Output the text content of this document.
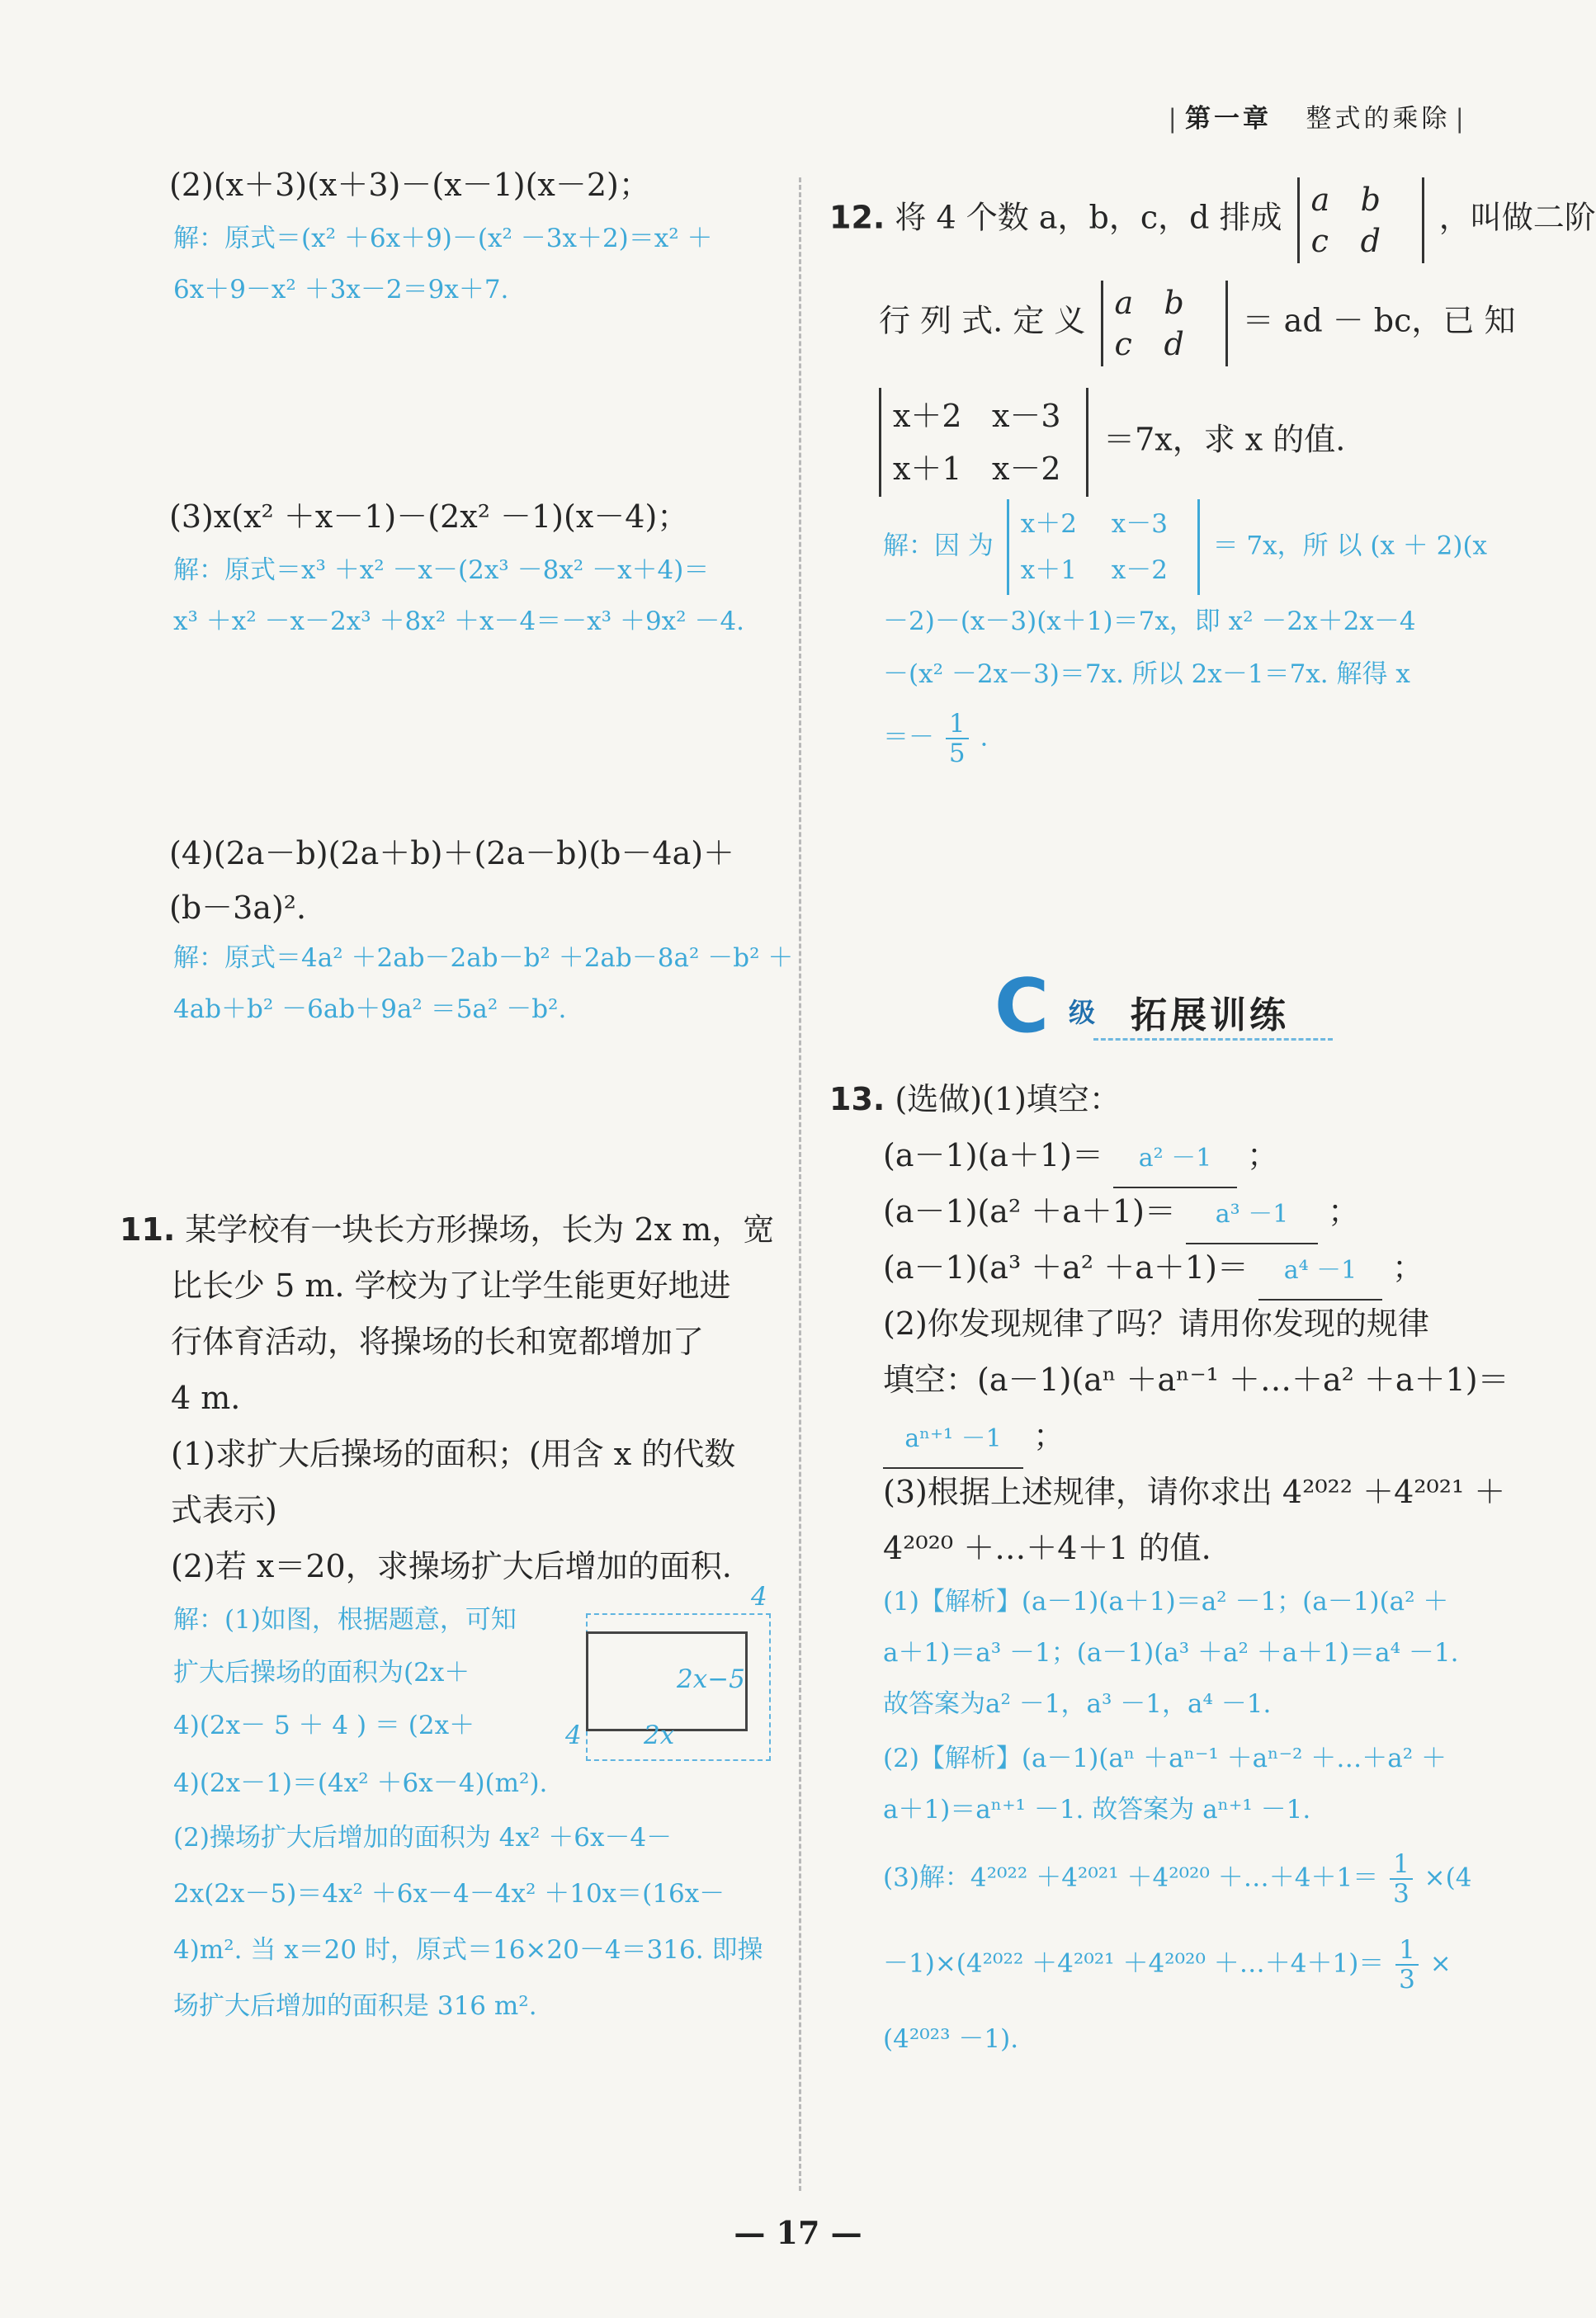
| 第一章 整式的乘除 |
(2)(x＋3)(x＋3)－(x－1)(x－2)；
解：原式＝(x² ＋6x＋9)－(x² －3x＋2)＝x² ＋
6x＋9－x² ＋3x－2＝9x＋7.
(3)x(x² ＋x－1)－(2x² －1)(x－4)；
解：原式＝x³ ＋x² －x－(2x³ －8x² －x＋4)＝
x³ ＋x² －x－2x³ ＋8x² ＋x－4＝－x³ ＋9x² －4.
(4)(2a－b)(2a＋b)＋(2a－b)(b－4a)＋
(b－3a)².
解：原式＝4a² ＋2ab－2ab－b² ＋2ab－8a² －b² ＋
4ab＋b² －6ab＋9a² ＝5a² －b².
11. 某学校有一块长方形操场，长为 2x m，宽
比长少 5 m. 学校为了让学生能更好地进
行体育活动，将操场的长和宽都增加了
4 m.
(1)求扩大后操场的面积；(用含 x 的代数
式表示)
(2)若 x＝20，求操场扩大后增加的面积.
解：(1)如图，根据题意，可知
扩大后操场的面积为(2x＋
4)(2x－ 5 ＋ 4 ) ＝ (2x＋
4)(2x－1)＝(4x² ＋6x－4)(m²).
(2)操场扩大后增加的面积为 4x² ＋6x－4－
2x(2x－5)＝4x² ＋6x－4－4x² ＋10x＝(16x－
4)m². 当 x＝20 时，原式＝16×20－4＝316. 即操
场扩大后增加的面积是 316 m².
4
2x−5
4 2x
12. 将 4 个数 a，b，c，d 排成 a b
c d
，叫做二阶
行 列 式. 定 义 a b
c d
＝ ad － bc，已 知
x＋2 x－3
x＋1 x－2
＝7x，求 x 的值.
解：因 为
x＋2 x－3
x＋1 x－2
＝ 7x，所 以 (x ＋ 2)(x
－2)－(x－3)(x＋1)＝7x，即 x² －2x＋2x－4
－(x² －2x－3)＝7x. 所以 2x－1＝7x. 解得 x
＝－ $\frac{1}{5}$ .
C 级 拓展训练
13. (选做)(1)填空：
(a－1)(a＋1)＝ a² －1 ；
(a－1)(a² ＋a＋1)＝ a³ －1 ；
(a－1)(a³ ＋a² ＋a＋1)＝ a⁴ －1 ；
(2)你发现规律了吗？请用你发现的规律
填空：(a－1)(aⁿ ＋aⁿ⁻¹ ＋…＋a² ＋a＋1)＝
aⁿ⁺¹ －1 ；
(3)根据上述规律，请你求出 4²⁰²² ＋4²⁰²¹ ＋
4²⁰²⁰ ＋…＋4＋1 的值.
(1)【解析】(a－1)(a＋1)＝a² －1；(a－1)(a² ＋
a＋1)＝a³ －1；(a－1)(a³ ＋a² ＋a＋1)＝a⁴ －1.
故答案为a² －1，a³ －1，a⁴ －1.
(2)【解析】(a－1)(aⁿ ＋aⁿ⁻¹ ＋aⁿ⁻² ＋…＋a² ＋
a＋1)＝aⁿ⁺¹ －1. 故答案为 aⁿ⁺¹ －1.
(3)解：4²⁰²² ＋4²⁰²¹ ＋4²⁰²⁰ ＋…＋4＋1＝ $\frac{1}{3} \times(4$
－1)×(4²⁰²² ＋4²⁰²¹ ＋4²⁰²⁰ ＋…＋4＋1)＝ $\frac{1}{3}$ ×
(4²⁰²³ －1).
— 17 —
